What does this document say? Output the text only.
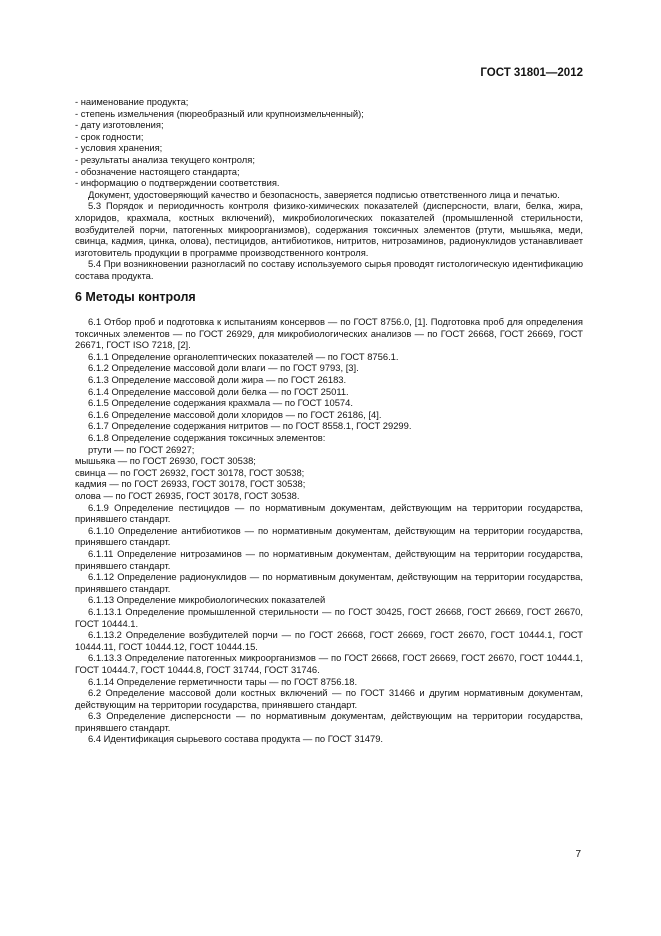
ГОСТ 31801—2012
- наименование продукта;
- степень измельчения (пюреобразный или крупноизмельченный);
- дату изготовления;
- срок годности;
- условия хранения;
- результаты анализа текущего контроля;
- обозначение настоящего стандарта;
- информацию о подтверждении соответствия.

Документ, удостоверяющий качество и безопасность, заверяется подписью ответственного лица и печатью.

5.3 Порядок и периодичность контроля физико-химических показателей (дисперсности, влаги, белка, жира, хлоридов, крахмала, костных включений), микробиологических показателей (промышленной стерильности, возбудителей порчи, патогенных микроорганизмов), содержания токсичных элементов (ртути, мышьяка, меди, свинца, кадмия, цинка, олова), пестицидов, антибиотиков, нитритов, нитрозаминов, радионуклидов устанавливает изготовитель продукции в программе производственного контроля.

5.4 При возникновении разногласий по составу используемого сырья проводят гистологическую идентификацию состава продукта.

6 Методы контроля

6.1 Отбор проб и подготовка к испытаниям консервов — по ГОСТ 8756.0, [1]. Подготовка проб для определения токсичных элементов — по ГОСТ 26929, для микробиологических анализов — по ГОСТ 26668, ГОСТ 26669, ГОСТ 26671, ГОСТ ISO 7218, [2].

6.1.1 Определение органолептических показателей — по ГОСТ 8756.1.

6.1.2 Определение массовой доли влаги — по ГОСТ 9793, [3].

6.1.3 Определение массовой доли жира — по ГОСТ 26183.

6.1.4 Определение массовой доли белка — по ГОСТ 25011.

6.1.5 Определение содержания крахмала — по ГОСТ 10574.

6.1.6 Определение массовой доли хлоридов — по ГОСТ 26186, [4].

6.1.7 Определение содержания нитритов — по ГОСТ 8558.1, ГОСТ 29299.

6.1.8 Определение содержания токсичных элементов:

ртути — по ГОСТ 26927;

мышьяка — по ГОСТ 26930, ГОСТ 30538;

свинца — по ГОСТ 26932, ГОСТ 30178, ГОСТ 30538;

кадмия — по ГОСТ 26933, ГОСТ 30178, ГОСТ 30538;

олова — по ГОСТ 26935, ГОСТ 30178, ГОСТ 30538.

6.1.9 Определение пестицидов — по нормативным документам, действующим на территории государства, принявшего стандарт.

6.1.10 Определение антибиотиков — по нормативным документам, действующим на территории государства, принявшего стандарт.

6.1.11 Определение нитрозаминов — по нормативным документам, действующим на территории государства, принявшего стандарт.

6.1.12 Определение радионуклидов — по нормативным документам, действующим на территории государства, принявшего стандарт.

6.1.13 Определение микробиологических показателей

6.1.13.1 Определение промышленной стерильности — по ГОСТ 30425, ГОСТ 26668, ГОСТ 26669, ГОСТ 26670, ГОСТ 10444.1.

6.1.13.2 Определение возбудителей порчи — по ГОСТ 26668, ГОСТ 26669, ГОСТ 26670, ГОСТ 10444.1, ГОСТ 10444.11, ГОСТ 10444.12, ГОСТ 10444.15.

6.1.13.3 Определение патогенных микроорганизмов — по ГОСТ 26668, ГОСТ 26669, ГОСТ 26670, ГОСТ 10444.1, ГОСТ 10444.7, ГОСТ 10444.8, ГОСТ 31744, ГОСТ 31746.

6.1.14 Определение герметичности тары — по ГОСТ 8756.18.

6.2 Определение массовой доли костных включений — по ГОСТ 31466 и другим нормативным документам, действующим на территории государства, принявшего стандарт.

6.3 Определение дисперсности — по нормативным документам, действующим на территории государства, принявшего стандарт.

6.4 Идентификация сырьевого состава продукта — по ГОСТ 31479.

7
